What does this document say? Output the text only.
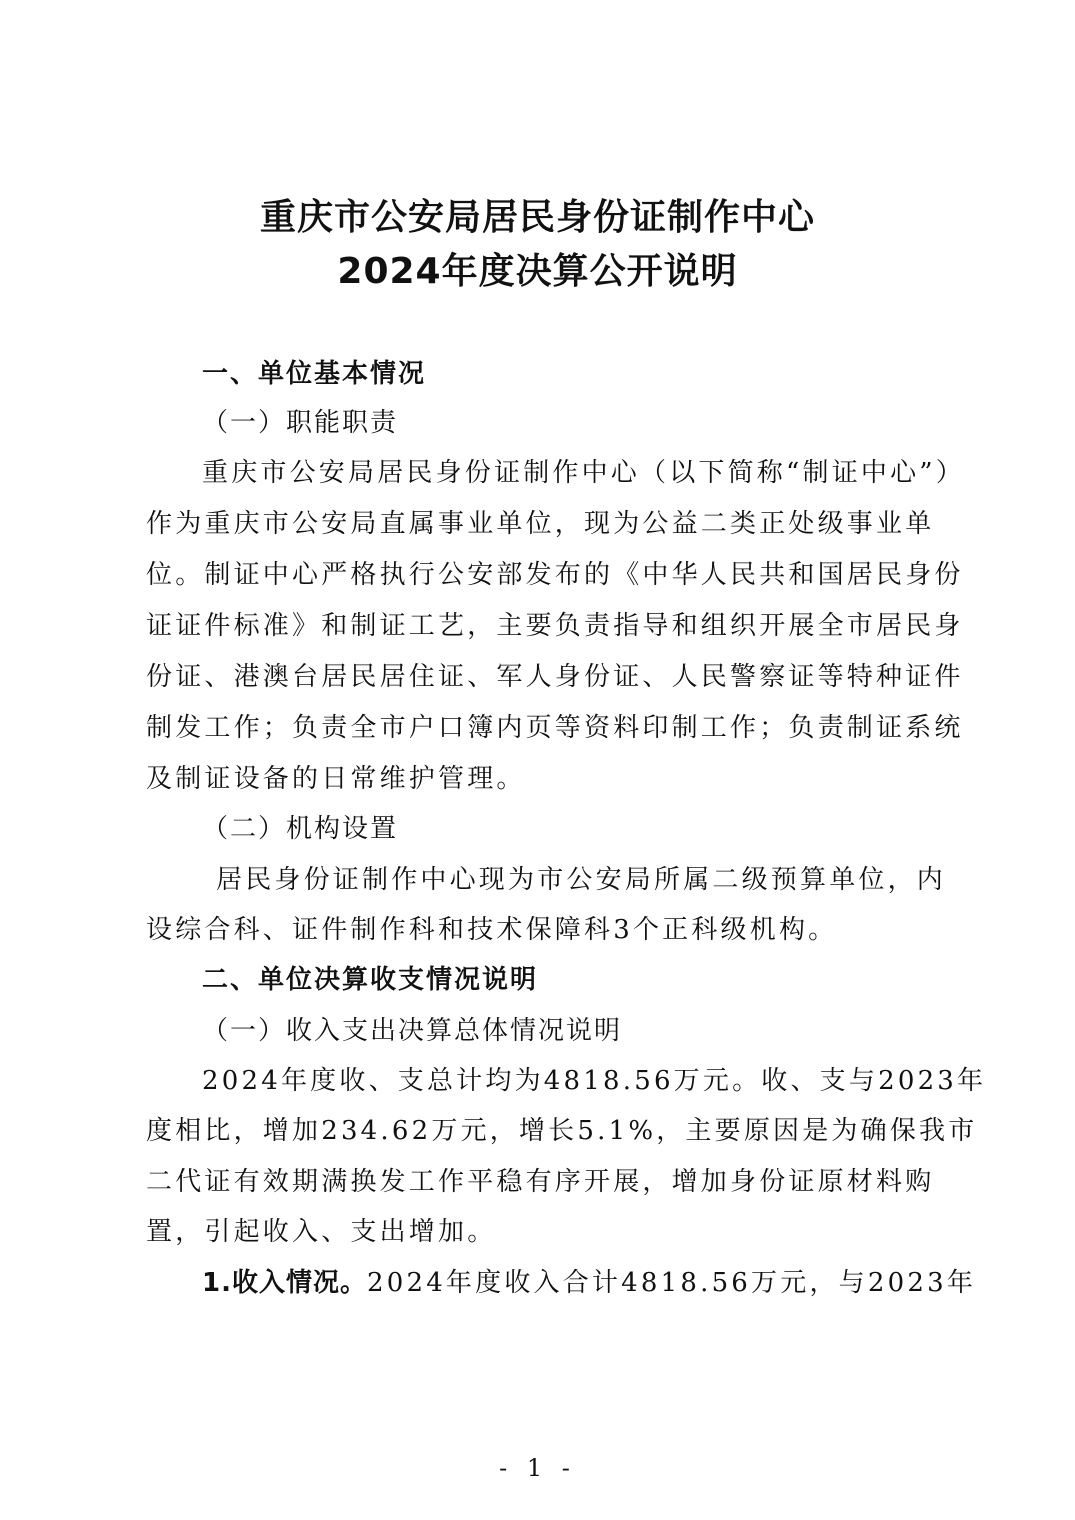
重庆市公安局居民身份证制作中心
2024年度决算公开说明
一、单位基本情况
（一）职能职责
重庆市公安局居民身份证制作中心（以下简称“制证中心”）
作为重庆市公安局直属事业单位，现为公益二类正处级事业单
位。制证中心严格执行公安部发布的《中华人民共和国居民身份
证证件标准》和制证工艺，主要负责指导和组织开展全市居民身
份证、港澳台居民居住证、军人身份证、人民警察证等特种证件
制发工作；负责全市户口簿内页等资料印制工作；负责制证系统
及制证设备的日常维护管理。
（二）机构设置
居民身份证制作中心现为市公安局所属二级预算单位，内
设综合科、证件制作科和技术保障科3个正科级机构。
二、单位决算收支情况说明
（一）收入支出决算总体情况说明
2024年度收、支总计均为4818.56万元。收、支与2023年
度相比，增加234.62万元，增长5.1%，主要原因是为确保我市
二代证有效期满换发工作平稳有序开展，增加身份证原材料购
置，引起收入、支出增加。
1.收入情况。2024年度收入合计4818.56万元，与2023年
- 1 -
